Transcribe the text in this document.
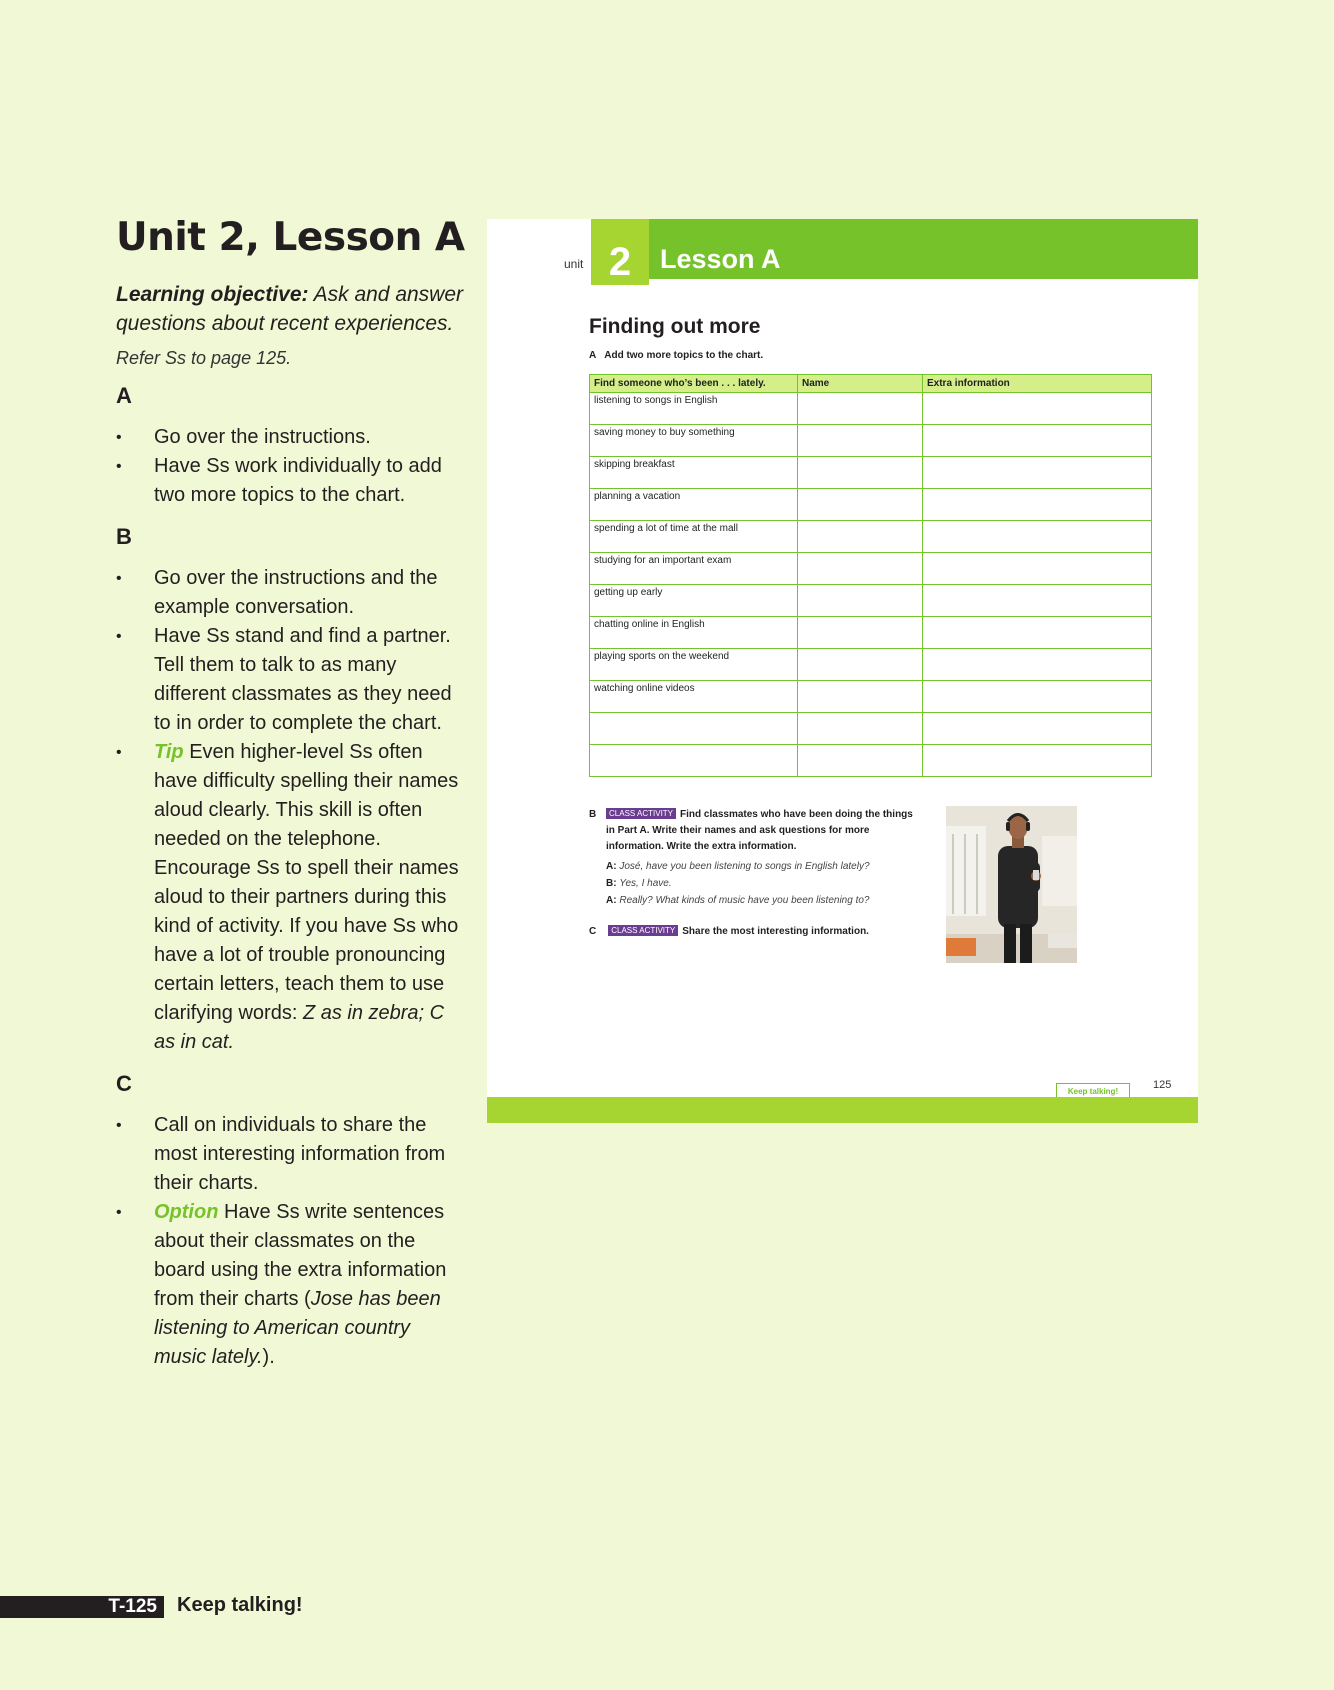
Unit 2, Lesson A

Learning objective: Ask and answer questions about recent experiences.

Refer Ss to page 125.

A
• Go over the instructions.
• Have Ss work individually to add two more topics to the chart.
B
• Go over the instructions and the example conversation.
• Have Ss stand and find a partner. Tell them to talk to as many different classmates as they need to in order to complete the chart.
• Tip Even higher-level Ss often have difficulty spelling their names aloud clearly. This skill is often needed on the telephone. Encourage Ss to spell their names aloud to their partners during this kind of activity. If you have Ss who have a lot of trouble pronouncing certain letters, teach them to use clarifying words: Z as in zebra; C as in cat.
C
• Call on individuals to share the most interesting information from their charts.
• Option Have Ss write sentences about their classmates on the board using the extra information from their charts (Jose has been listening to American country music lately.).
T-125	Keep talking!
unit 2	Lesson A
Finding out more
A Add two more topics to the chart.
Find someone who’s been . . . lately.	Name	Extra information
listening to songs in English		
saving money to buy something		
skipping breakfast		
planning a vacation		
spending a lot of time at the mall		
studying for an important exam		
getting up early		
chatting online in English		
playing sports on the weekend		
watching online videos		

B	CLASS ACTIVITY Find classmates who have been doing the things in Part A. Write their names and ask questions for more information. Write the extra information.
A: José, have you been listening to songs in English lately?
B: Yes, I have.
A: Really? What kinds of music have you been listening to?
C CLASS ACTIVITY Share the most interesting information.
Keep talking!
125
